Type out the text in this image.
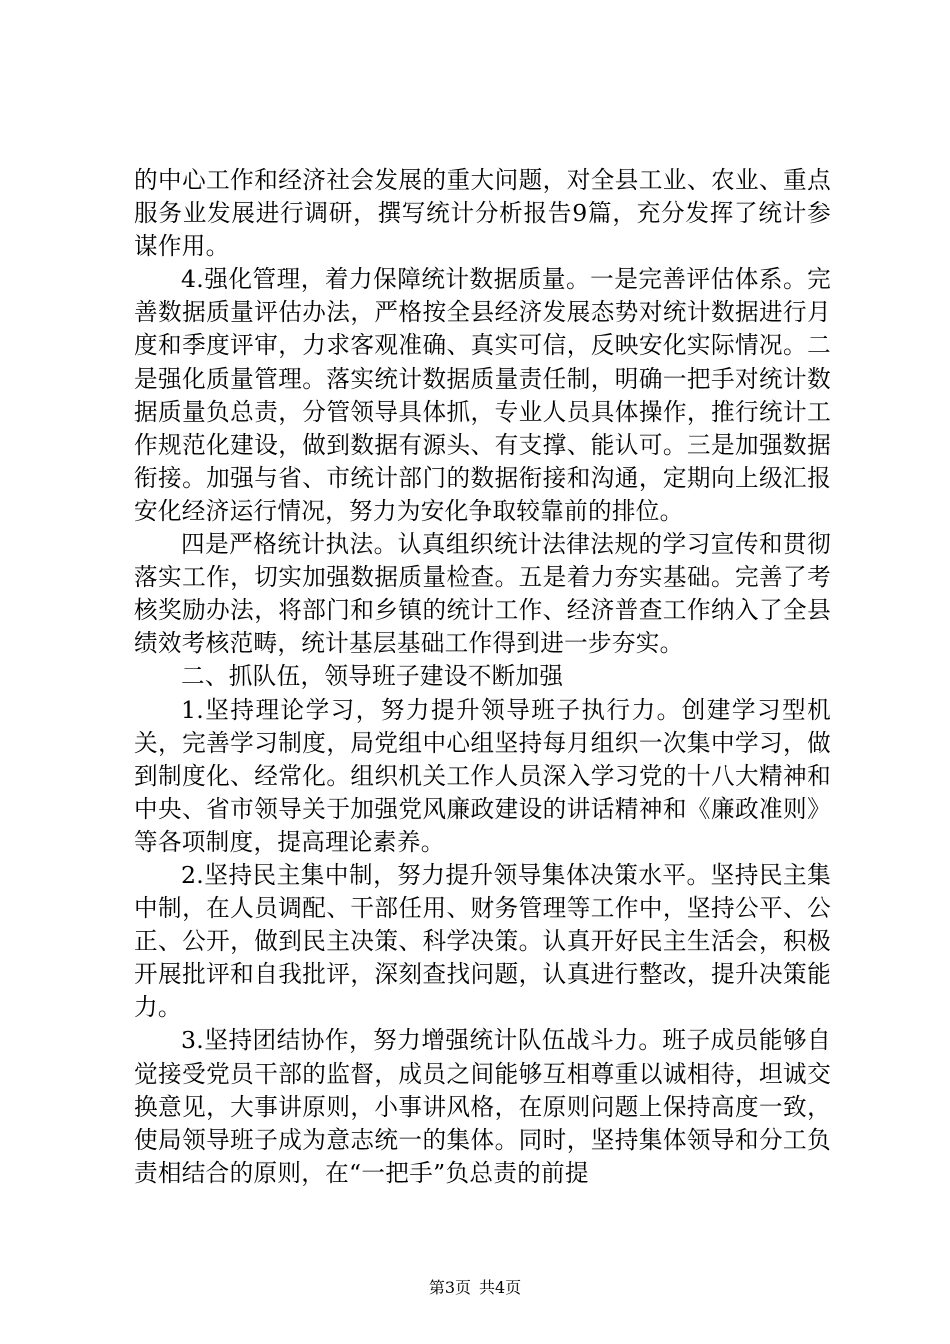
的中心工作和经济社会发展的重大问题，对全县工业、农业、重点服务业发展进行调研，撰写统计分析报告9篇，充分发挥了统计参谋作用。

4.强化管理，着力保障统计数据质量。一是完善评估体系。完善数据质量评估办法，严格按全县经济发展态势对统计数据进行月度和季度评审，力求客观准确、真实可信，反映安化实际情况。二是强化质量管理。落实统计数据质量责任制，明确一把手对统计数据质量负总责，分管领导具体抓，专业人员具体操作，推行统计工作规范化建设，做到数据有源头、有支撑、能认可。三是加强数据衔接。加强与省、市统计部门的数据衔接和沟通，定期向上级汇报安化经济运行情况，努力为安化争取较靠前的排位。

四是严格统计执法。认真组织统计法律法规的学习宣传和贯彻落实工作，切实加强数据质量检查。五是着力夯实基础。完善了考核奖励办法，将部门和乡镇的统计工作、经济普查工作纳入了全县绩效考核范畴，统计基层基础工作得到进一步夯实。

二、抓队伍，领导班子建设不断加强

1.坚持理论学习，努力提升领导班子执行力。创建学习型机关，完善学习制度，局党组中心组坚持每月组织一次集中学习，做到制度化、经常化。组织机关工作人员深入学习党的十八大精神和中央、省市领导关于加强党风廉政建设的讲话精神和《廉政准则》等各项制度，提高理论素养。

2.坚持民主集中制，努力提升领导集体决策水平。坚持民主集中制，在人员调配、干部任用、财务管理等工作中，坚持公平、公正、公开，做到民主决策、科学决策。认真开好民主生活会，积极开展批评和自我批评，深刻查找问题，认真进行整改，提升决策能力。

3.坚持团结协作，努力增强统计队伍战斗力。班子成员能够自觉接受党员干部的监督，成员之间能够互相尊重以诚相待，坦诚交换意见，大事讲原则，小事讲风格，在原则问题上保持高度一致，使局领导班子成为意志统一的集体。同时，坚持集体领导和分工负责相结合的原则，在“一把手”负总责的前提

第3页 共4页
